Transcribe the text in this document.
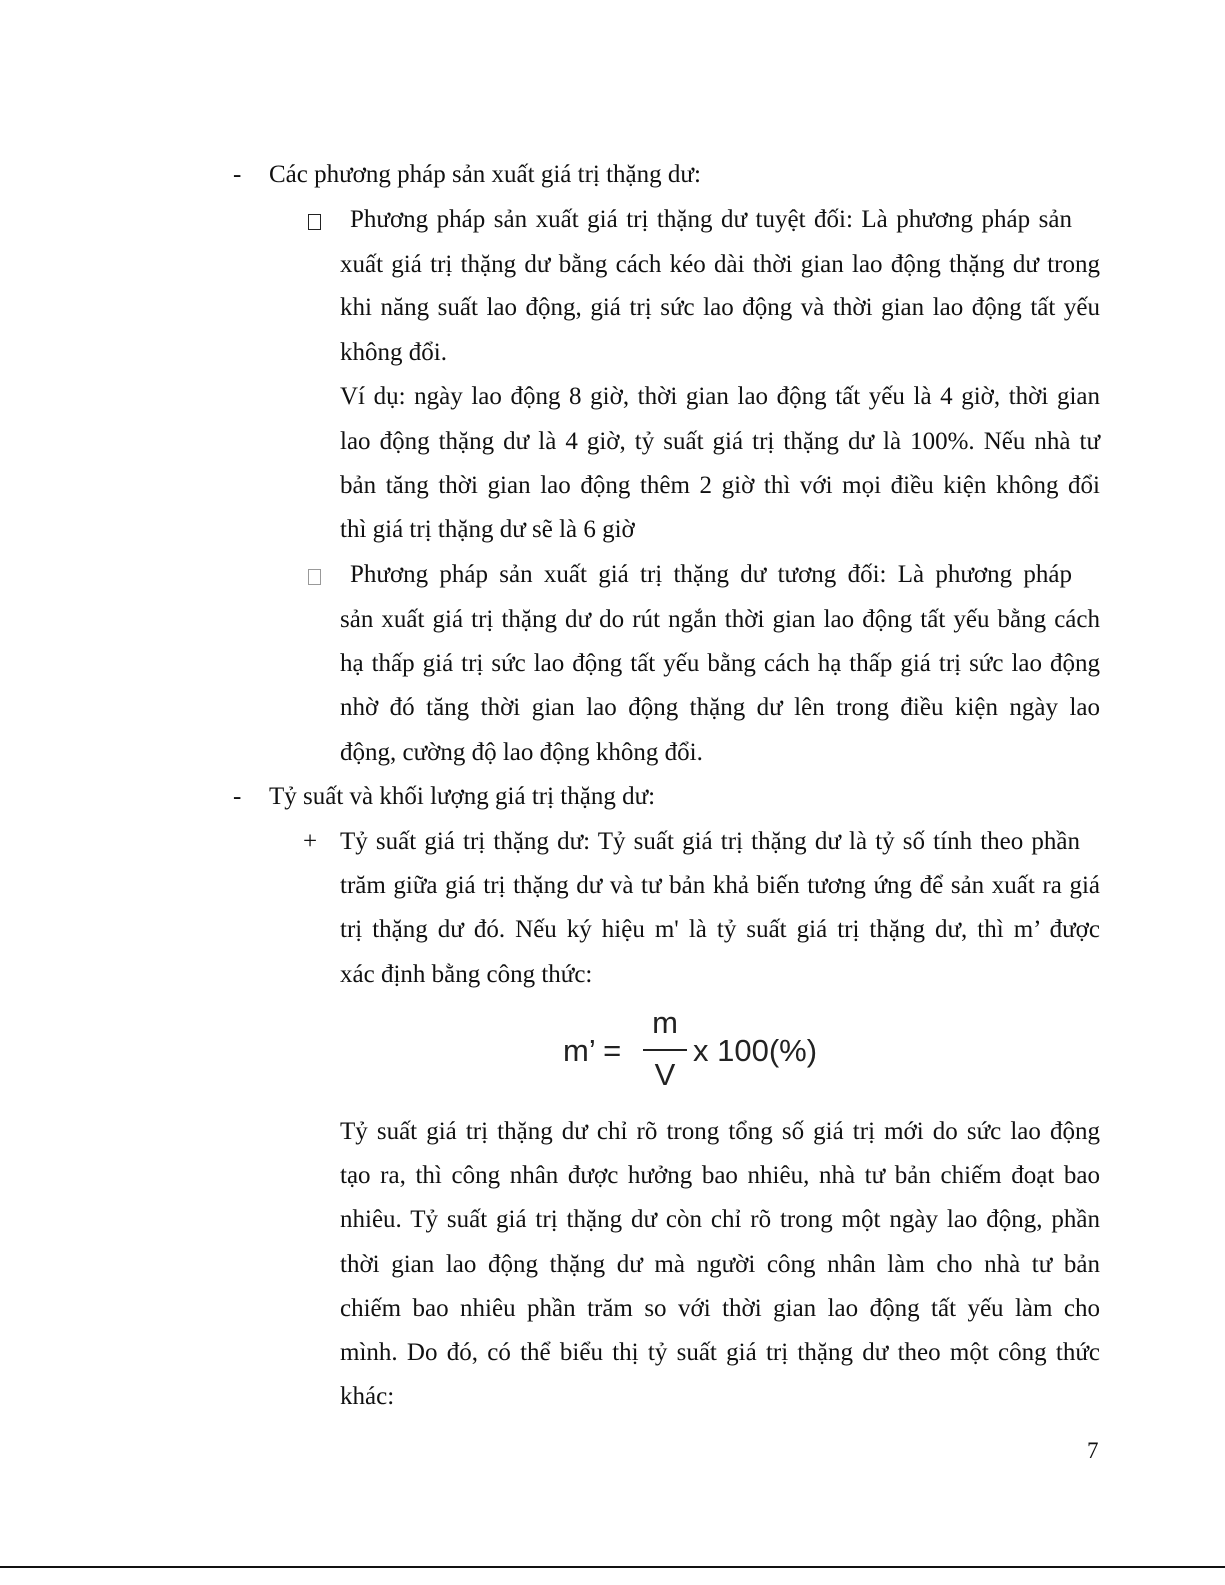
- Các phương pháp sản xuất giá trị thặng dư:
Phương pháp sản xuất giá trị thặng dư tuyệt đối: Là phương pháp sản
xuất giá trị thặng dư bằng cách kéo dài thời gian lao động thặng dư trong
khi năng suất lao động, giá trị sức lao động và thời gian lao động tất yếu
không đổi.
Ví dụ: ngày lao động 8 giờ, thời gian lao động tất yếu là 4 giờ, thời gian
lao động thặng dư là 4 giờ, tỷ suất giá trị thặng dư là 100%. Nếu nhà tư
bản tăng thời gian lao động thêm 2 giờ thì với mọi điều kiện không đổi
thì giá trị thặng dư sẽ là 6 giờ
Phương pháp sản xuất giá trị thặng dư tương đối: Là phương pháp
sản xuất giá trị thặng dư do rút ngắn thời gian lao động tất yếu bằng cách
hạ thấp giá trị sức lao động tất yếu bằng cách hạ thấp giá trị sức lao động
nhờ đó tăng thời gian lao động thặng dư lên trong điều kiện ngày lao
động, cường độ lao động không đổi.
- Tỷ suất và khối lượng giá trị thặng dư:
+ Tỷ suất giá trị thặng dư: Tỷ suất giá trị thặng dư là tỷ số tính theo phần
trăm giữa giá trị thặng dư và tư bản khả biến tương ứng để sản xuất ra giá
trị thặng dư đó. Nếu ký hiệu m' là tỷ suất giá trị thặng dư, thì m’ được
xác định bằng công thức:
m’ =
m
V
x 100(%)
Tỷ suất giá trị thặng dư chỉ rõ trong tổng số giá trị mới do sức lao động
tạo ra, thì công nhân được hưởng bao nhiêu, nhà tư bản chiếm đoạt bao
nhiêu. Tỷ suất giá trị thặng dư còn chỉ rõ trong một ngày lao động, phần
thời gian lao động thặng dư mà người công nhân làm cho nhà tư bản
chiếm bao nhiêu phần trăm so với thời gian lao động tất yếu làm cho
mình. Do đó, có thể biểu thị tỷ suất giá trị thặng dư theo một công thức
khác:
7
